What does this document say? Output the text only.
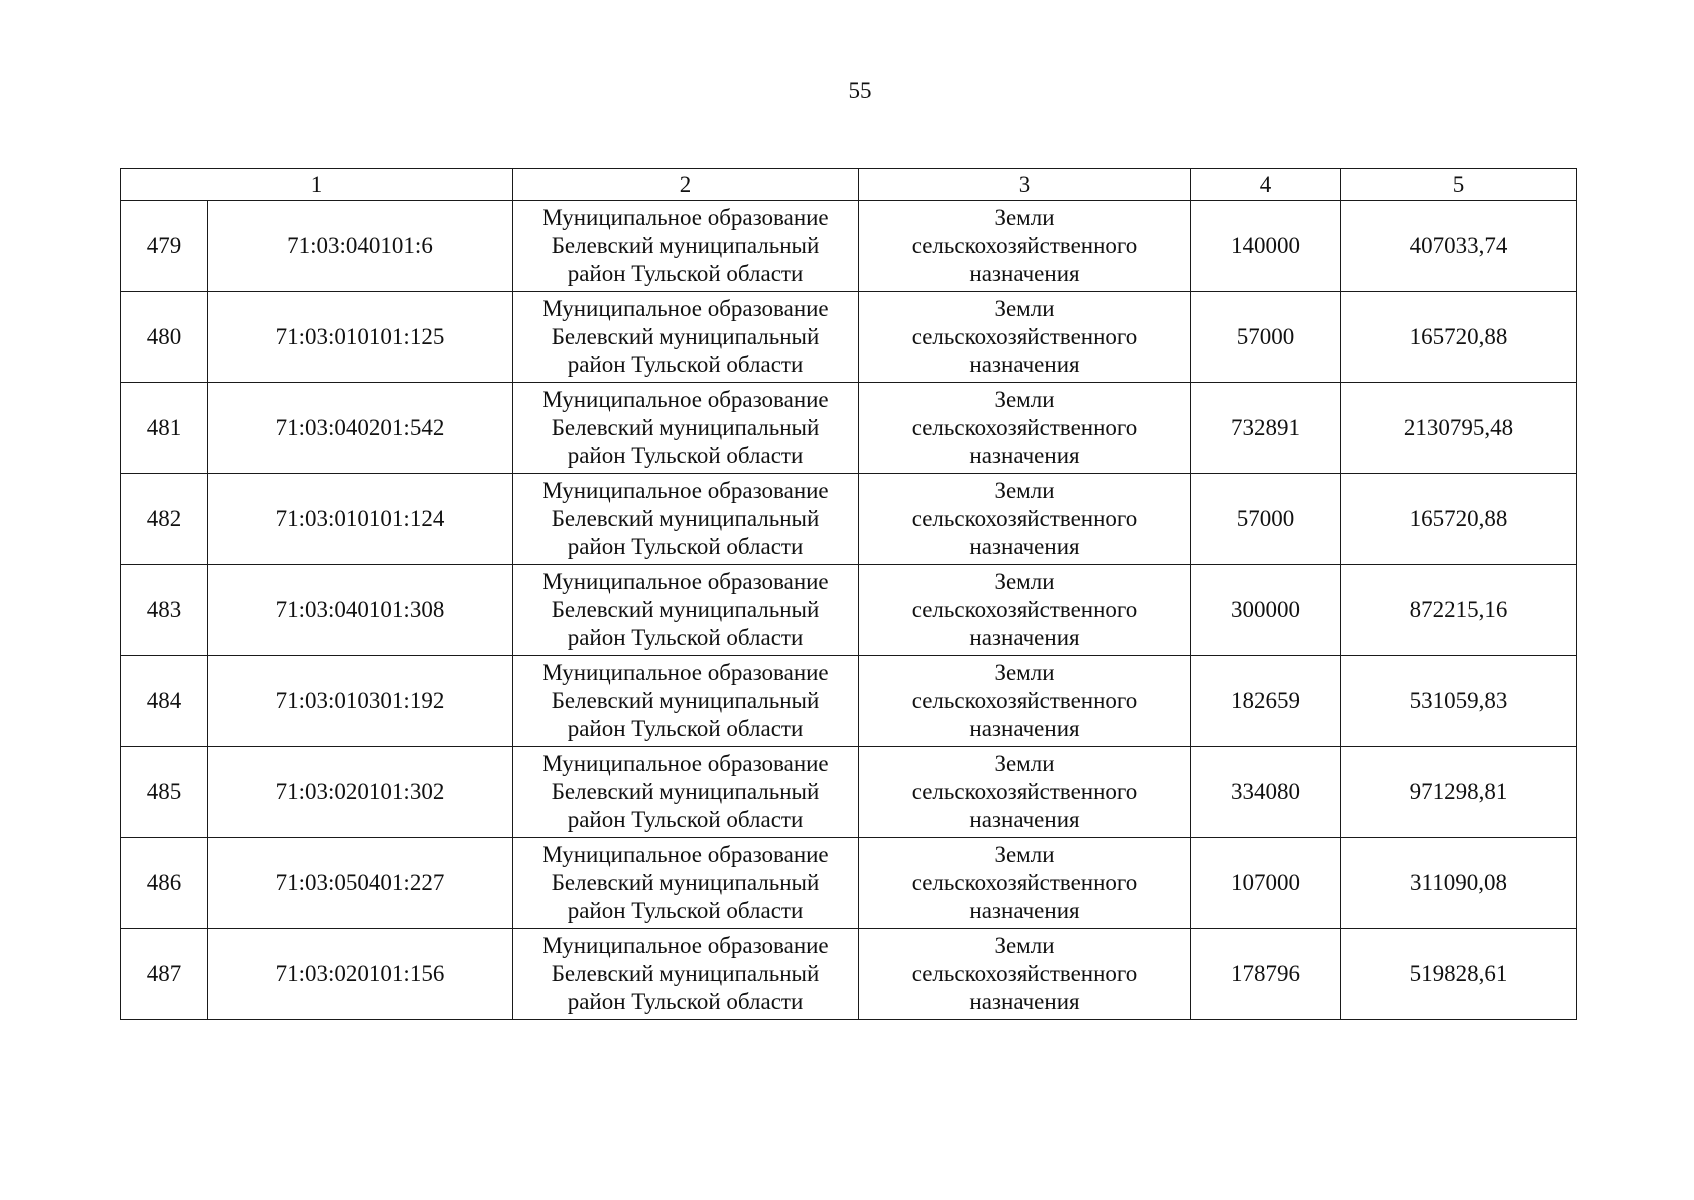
55
1		2	3	4	5
479	71:03:040101:6	Муниципальное образование
Белевский муниципальный
район Тульской области	Земли
сельскохозяйственного
назначения	140000	407033,74
480	71:03:010101:125	Муниципальное образование
Белевский муниципальный
район Тульской области	Земли
сельскохозяйственного
назначения	57000	165720,88
481	71:03:040201:542	Муниципальное образование
Белевский муниципальный
район Тульской области	Земли
сельскохозяйственного
назначения	732891	2130795,48
482	71:03:010101:124	Муниципальное образование
Белевский муниципальный
район Тульской области	Земли
сельскохозяйственного
назначения	57000	165720,88
483	71:03:040101:308	Муниципальное образование
Белевский муниципальный
район Тульской области	Земли
сельскохозяйственного
назначения	300000	872215,16
484	71:03:010301:192	Муниципальное образование
Белевский муниципальный
район Тульской области	Земли
сельскохозяйственного
назначения	182659	531059,83
485	71:03:020101:302	Муниципальное образование
Белевский муниципальный
район Тульской области	Земли
сельскохозяйственного
назначения	334080	971298,81
486	71:03:050401:227	Муниципальное образование
Белевский муниципальный
район Тульской области	Земли
сельскохозяйственного
назначения	107000	311090,08
487	71:03:020101:156	Муниципальное образование
Белевский муниципальный
район Тульской области	Земли
сельскохозяйственного
назначения	178796	519828,61
